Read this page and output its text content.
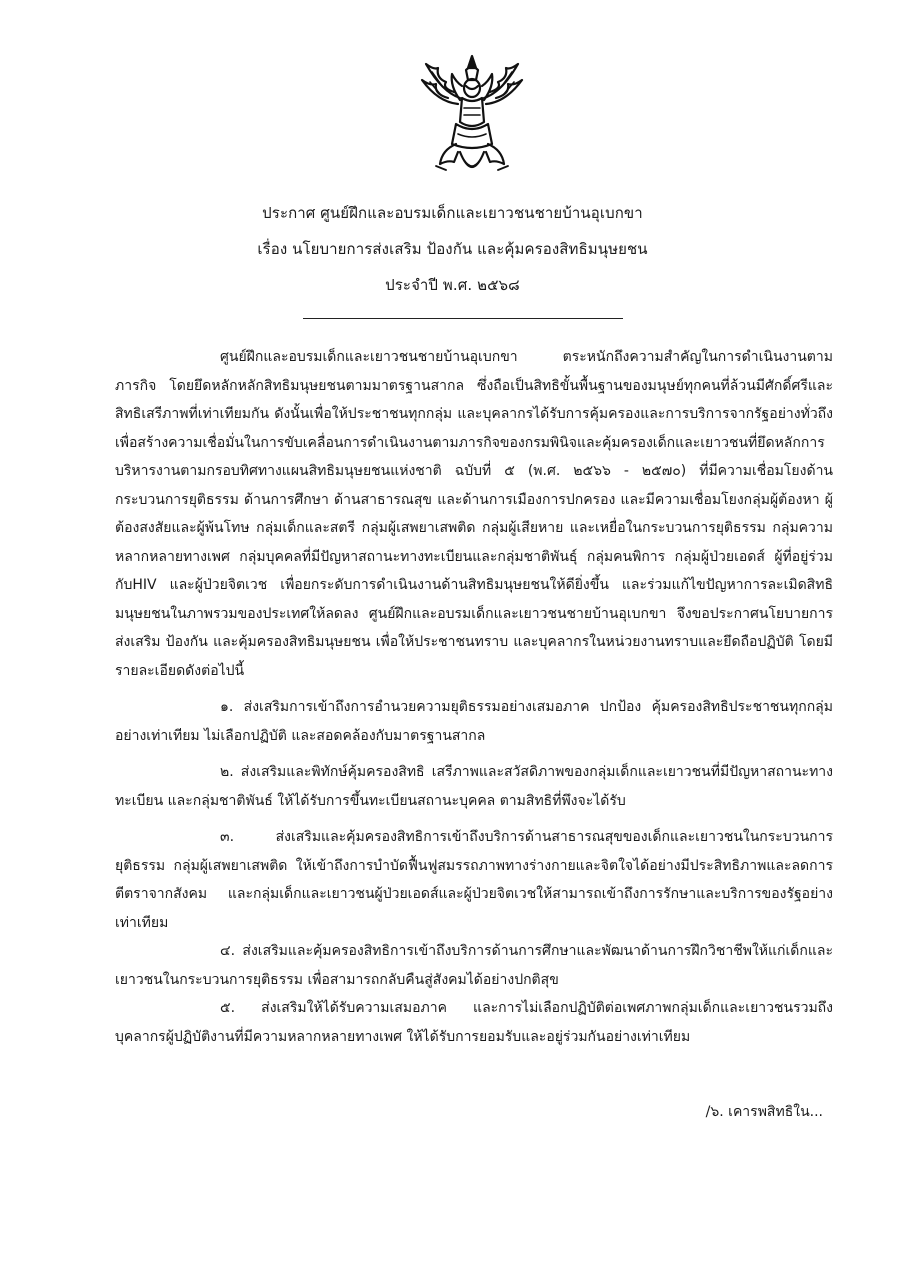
ประกาศ ศูนย์ฝึกและอบรมเด็กและเยาวชนชายบ้านอุเบกขา
เรื่อง นโยบายการส่งเสริม ป้องกัน และคุ้มครองสิทธิมนุษยชน
ประจำปี พ.ศ. ๒๕๖๘

ศูนย์ฝึกและอบรมเด็กและเยาวชนชายบ้านอุเบกขา ตระหนักถึงความสำคัญในการดำเนินงานตามภารกิจ โดยยึดหลักหลักสิทธิมนุษยชนตามมาตรฐานสากล ซึ่งถือเป็นสิทธิขั้นพื้นฐานของมนุษย์ทุกคนที่ล้วนมีศักดิ์ศรีและสิทธิเสรีภาพที่เท่าเทียมกัน ดังนั้นเพื่อให้ประชาชนทุกกลุ่ม และบุคลากรได้รับการคุ้มครองและการบริการจากรัฐอย่างทั่วถึง เพื่อสร้างความเชื่อมั่นในการขับเคลื่อนการดำเนินงานตามภารกิจของกรมพินิจและคุ้มครองเด็กและเยาวชนที่ยึดหลักการบริหารงานตามกรอบทิศทางแผนสิทธิมนุษยชนแห่งชาติ ฉบับที่ ๕ (พ.ศ. ๒๕๖๖ - ๒๕๗๐) ที่มีความเชื่อมโยงด้านกระบวนการยุติธรรม ด้านการศึกษา ด้านสาธารณสุข และด้านการเมืองการปกครอง และมีความเชื่อมโยงกลุ่มผู้ต้องหา ผู้ต้องสงสัยและผู้พ้นโทษ กลุ่มเด็กและสตรี กลุ่มผู้เสพยาเสพติด กลุ่มผู้เสียหาย และเหยื่อในกระบวนการยุติธรรม กลุ่มความหลากหลายทางเพศ กลุ่มบุคคลที่มีปัญหาสถานะทางทะเบียนและกลุ่มชาติพันธุ์ กลุ่มคนพิการ กลุ่มผู้ป่วยเอดส์ ผู้ที่อยู่ร่วมกับHIV และผู้ป่วยจิตเวช เพื่อยกระดับการดำเนินงานด้านสิทธิมนุษยชนให้ดียิ่งขึ้น และร่วมแก้ไขปัญหาการละเมิดสิทธิมนุษยชนในภาพรวมของประเทศให้ลดลง ศูนย์ฝึกและอบรมเด็กและเยาวชนชายบ้านอุเบกขา จึงขอประกาศนโยบายการส่งเสริม ป้องกัน และคุ้มครองสิทธิมนุษยชน เพื่อให้ประชาชนทราบ และบุคลากรในหน่วยงานทราบและยึดถือปฏิบัติ โดยมีรายละเอียดดังต่อไปนี้

๑. ส่งเสริมการเข้าถึงการอำนวยความยุติธรรมอย่างเสมอภาค ปกป้อง คุ้มครองสิทธิประชาชนทุกกลุ่มอย่างเท่าเทียม ไม่เลือกปฏิบัติ และสอดคล้องกับมาตรฐานสากล

๒. ส่งเสริมและพิทักษ์คุ้มครองสิทธิ เสรีภาพและสวัสดิภาพของกลุ่มเด็กและเยาวชนที่มีปัญหาสถานะทางทะเบียน และกลุ่มชาติพันธ์ ให้ได้รับการขึ้นทะเบียนสถานะบุคคล ตามสิทธิที่พึงจะได้รับ

๓. ส่งเสริมและคุ้มครองสิทธิการเข้าถึงบริการด้านสาธารณสุขของเด็กและเยาวชนในกระบวนการยุติธรรม กลุ่มผู้เสพยาเสพติด ให้เข้าถึงการบำบัดฟื้นฟูสมรรถภาพทางร่างกายและจิตใจได้อย่างมีประสิทธิภาพและลดการตีตราจากสังคม และกลุ่มเด็กและเยาวชนผู้ป่วยเอดส์และผู้ป่วยจิตเวชให้สามารถเข้าถึงการรักษาและบริการของรัฐอย่างเท่าเทียม

๔. ส่งเสริมและคุ้มครองสิทธิการเข้าถึงบริการด้านการศึกษาและพัฒนาด้านการฝึกวิชาชีพให้แก่เด็กและเยาวชนในกระบวนการยุติธรรม เพื่อสามารถกลับคืนสู่สังคมได้อย่างปกติสุข

๕. ส่งเสริมให้ได้รับความเสมอภาค และการไม่เลือกปฏิบัติต่อเพศภาพกลุ่มเด็กและเยาวชนรวมถึงบุคลากรผู้ปฏิบัติงานที่มีความหลากหลายทางเพศ ให้ได้รับการยอมรับและอยู่ร่วมกันอย่างเท่าเทียม

/๖. เคารพสิทธิใน...
